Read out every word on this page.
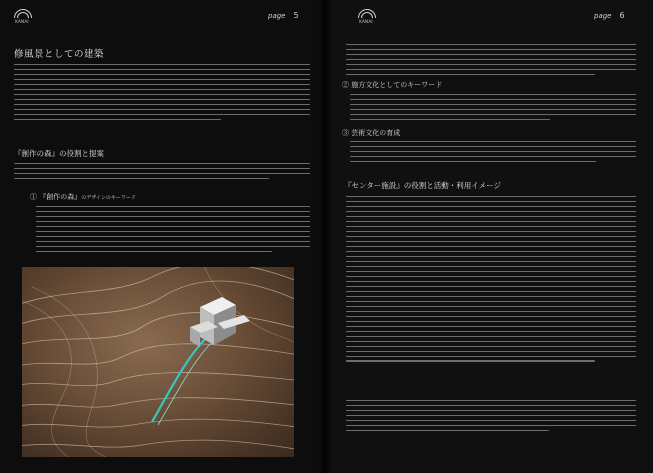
KANAI
page 5
修風景としての建築
『創作の森』の役割と提案
① 『創作の森』のデザインのキーワード
KANAI
page 6
② 施方文化としてのキーワード
③ 芸術文化の育成
『センター施設』の役割と活動・利用イメージ
